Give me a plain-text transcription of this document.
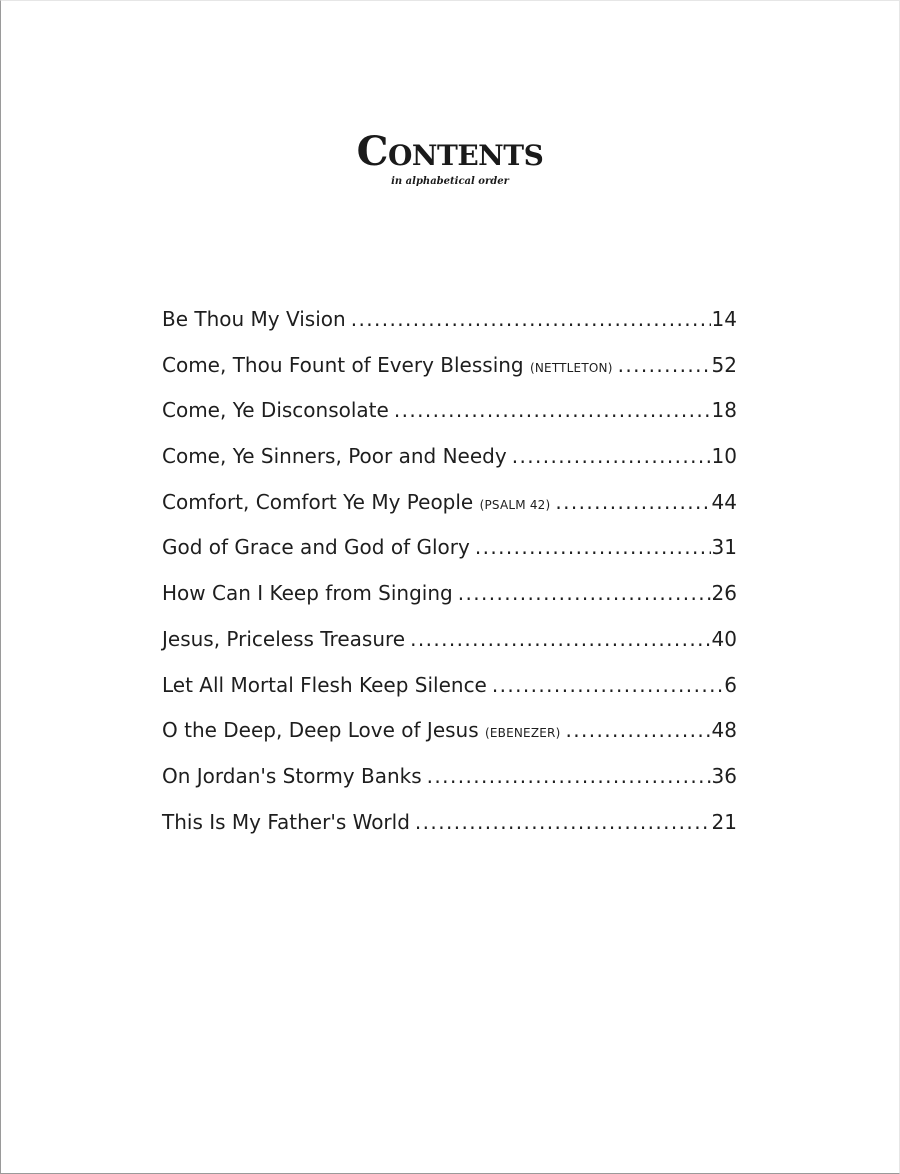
Contents
in alphabetical order
Be Thou My Vision .....	14
Come, Thou Fount of Every Blessing (NETTLETON) .....	52
Come, Ye Disconsolate .....	18
Come, Ye Sinners, Poor and Needy .....	10
Comfort, Comfort Ye My People (PSALM 42) .....	44
God of Grace and God of Glory .....	31
How Can I Keep from Singing .....	26
Jesus, Priceless Treasure .....	40
Let All Mortal Flesh Keep Silence .....	6
O the Deep, Deep Love of Jesus (EBENEZER) .....	48
On Jordan's Stormy Banks .....	36
This Is My Father's World .....	21
